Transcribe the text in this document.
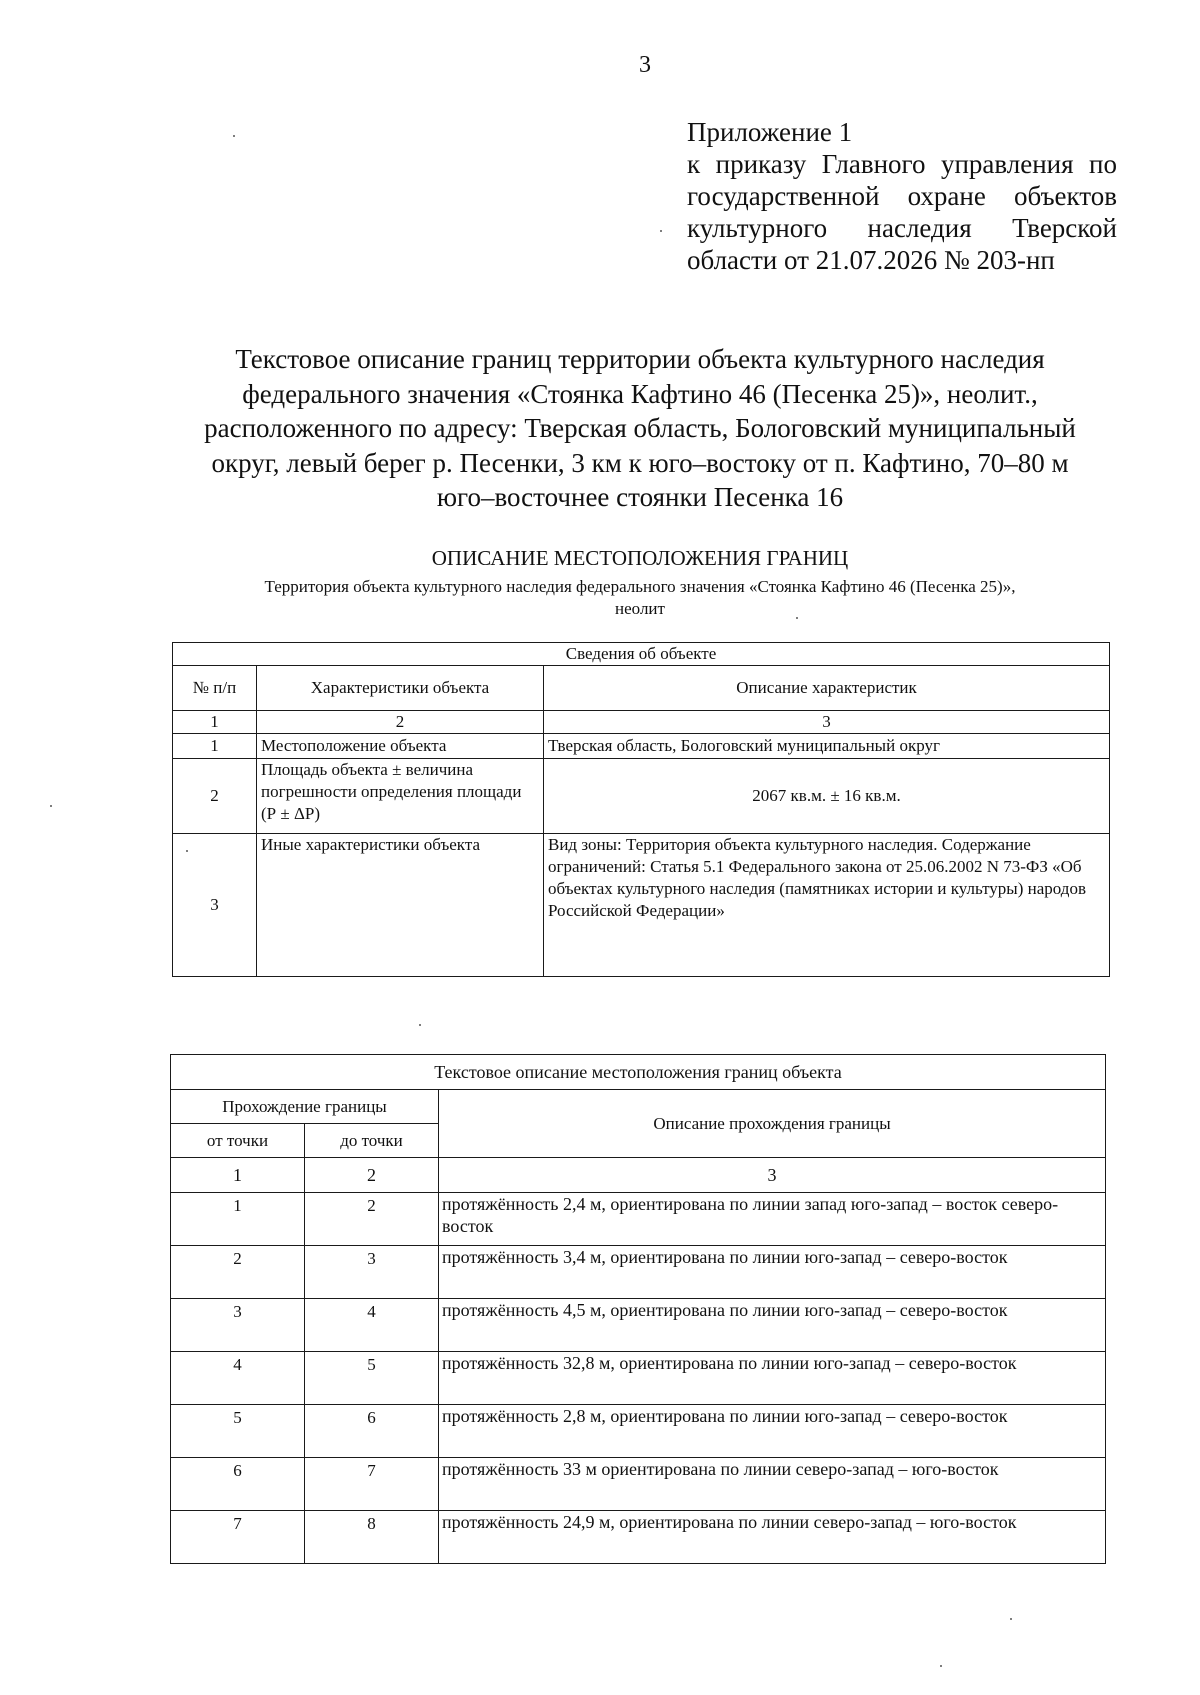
3
Приложение 1
к приказу Главного управления по
государственной охране объектов
культурного наследия Тверской
области от 21.07.2026 № 203-нп
Текстовое описание границ территории объекта культурного наследия
федерального значения «Стоянка Кафтино 46 (Песенка 25)», неолит.,
расположенного по адресу: Тверская область, Бологовский муниципальный
округ, левый берег р. Песенки, 3 км к юго–востоку от п. Кафтино, 70–80 м
юго–восточнее стоянки Песенка 16
ОПИСАНИЕ МЕСТОПОЛОЖЕНИЯ ГРАНИЦ
Территория объекта культурного наследия федерального значения «Стоянка Кафтино 46 (Песенка 25)»,
неолит
Сведения об объекте		
№ п/п	Характеристики объекта	Описание характеристик
1	2	3
1	Местоположение объекта	Тверская область, Бологовский муниципальный округ
2	Площадь объекта ± величина погрешности определения площади (Р ± ΔР)	2067 кв.м. ± 16 кв.м.
3	Иные характеристики объекта	Вид зоны: Территория объекта культурного наследия. Содержание ограничений: Статья 5.1 Федерального закона от 25.06.2002 N 73-ФЗ «Об объектах культурного наследия (памятниках истории и культуры) народов Российской Федерации»
Текстовое описание местоположения границ объекта		
Прохождение границы		Описание прохождения границы
от точки	до точки	
1	2	3
1	2	протяжённость 2,4 м, ориентирована по линии запад юго-запад – восток северо-восток
2	3	протяжённость 3,4 м, ориентирована по линии юго-запад – северо-восток
3	4	протяжённость 4,5 м, ориентирована по линии юго-запад – северо-восток
4	5	протяжённость 32,8 м, ориентирована по линии юго-запад – северо-восток
5	6	протяжённость 2,8 м, ориентирована по линии юго-запад – северо-восток
6	7	протяжённость 33 м ориентирована по линии северо-запад – юго-восток
7	8	протяжённость 24,9 м, ориентирована по линии северо-запад – юго-восток
